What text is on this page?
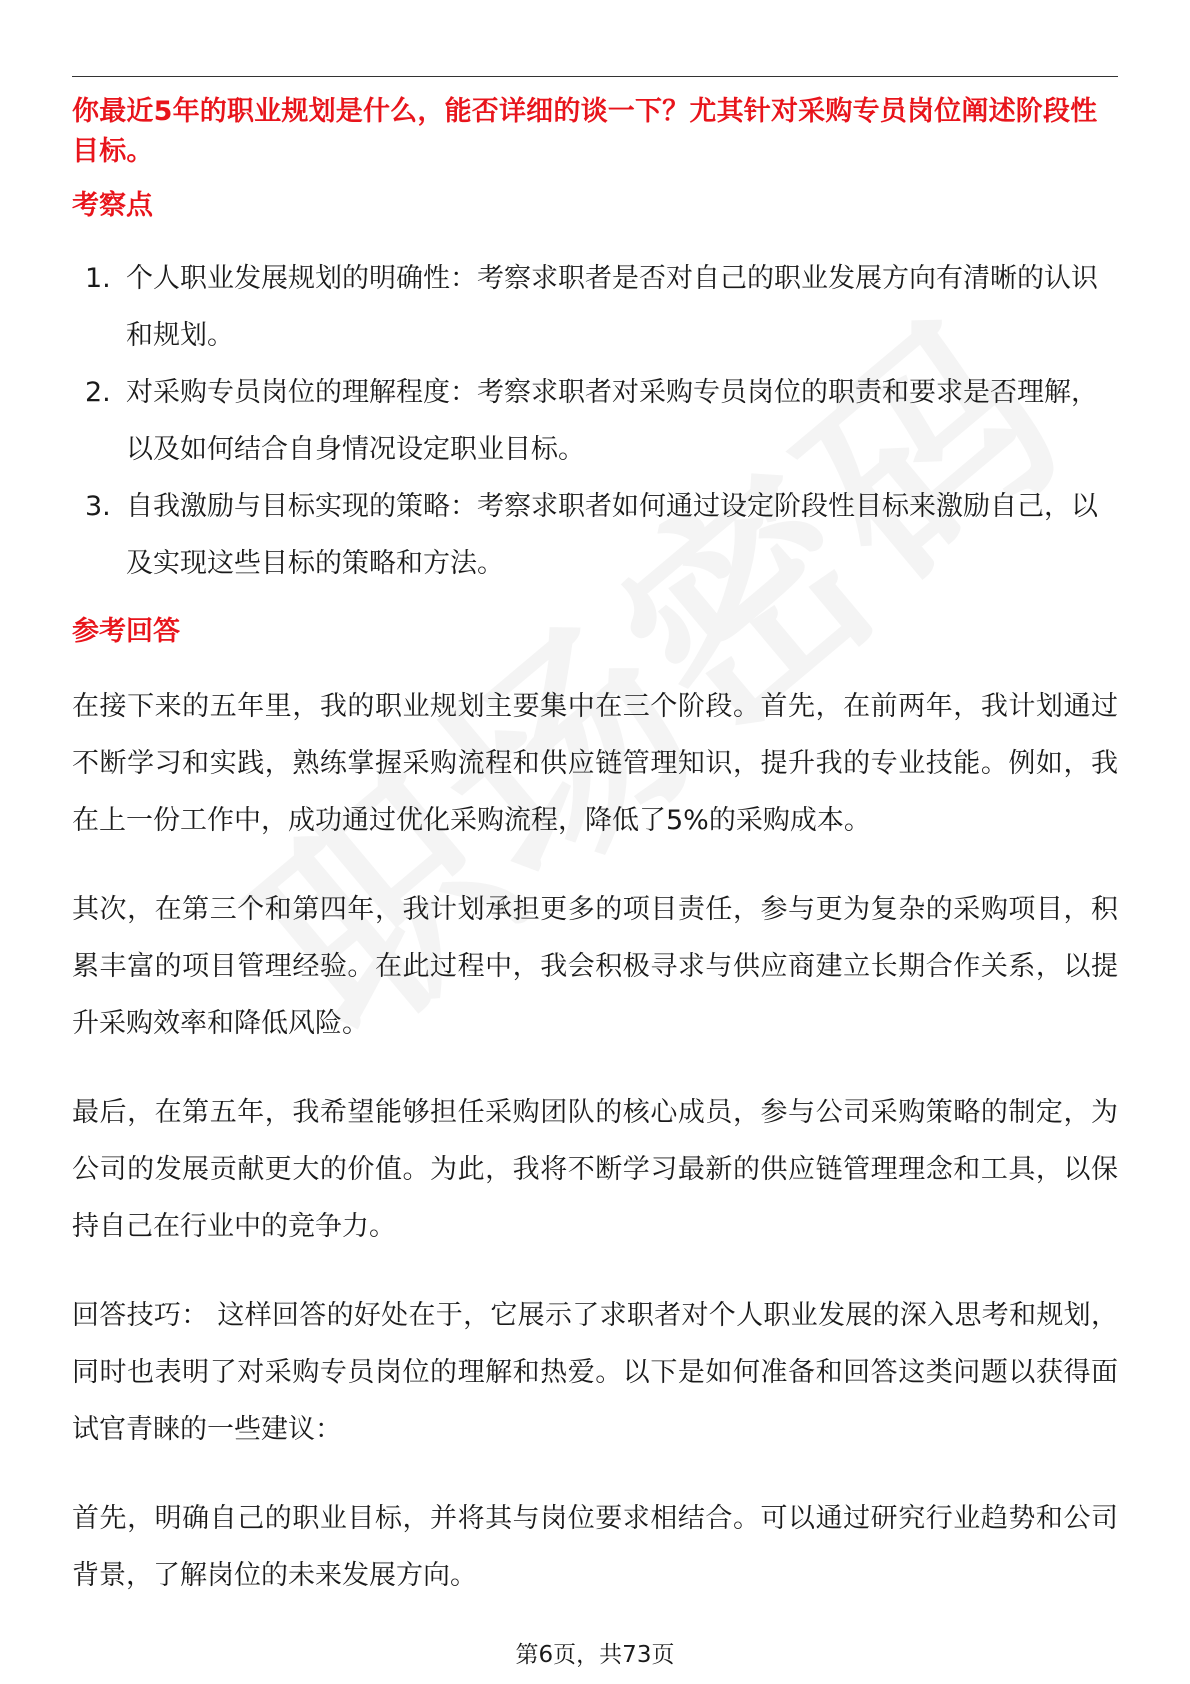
你最近5年的职业规划是什么，能否详细的谈一下？尤其针对采购专员岗位阐述阶段性目标。

考察点

1. 个人职业发展规划的明确性：考察求职者是否对自己的职业发展方向有清晰的认识和规划。
2. 对采购专员岗位的理解程度：考察求职者对采购专员岗位的职责和要求是否理解，以及如何结合自身情况设定职业目标。
3. 自我激励与目标实现的策略：考察求职者如何通过设定阶段性目标来激励自己，以及实现这些目标的策略和方法。

参考回答

在接下来的五年里，我的职业规划主要集中在三个阶段。首先，在前两年，我计划通过不断学习和实践，熟练掌握采购流程和供应链管理知识，提升我的专业技能。例如，我在上一份工作中，成功通过优化采购流程，降低了5%的采购成本。

其次，在第三个和第四年，我计划承担更多的项目责任，参与更为复杂的采购项目，积累丰富的项目管理经验。在此过程中，我会积极寻求与供应商建立长期合作关系，以提升采购效率和降低风险。

最后，在第五年，我希望能够担任采购团队的核心成员，参与公司采购策略的制定，为公司的发展贡献更大的价值。为此，我将不断学习最新的供应链管理理念和工具，以保持自己在行业中的竞争力。

回答技巧： 这样回答的好处在于，它展示了求职者对个人职业发展的深入思考和规划，同时也表明了对采购专员岗位的理解和热爱。以下是如何准备和回答这类问题以获得面试官青睐的一些建议：

首先，明确自己的职业目标，并将其与岗位要求相结合。可以通过研究行业趋势和公司背景，了解岗位的未来发展方向。

第6页，共73页
